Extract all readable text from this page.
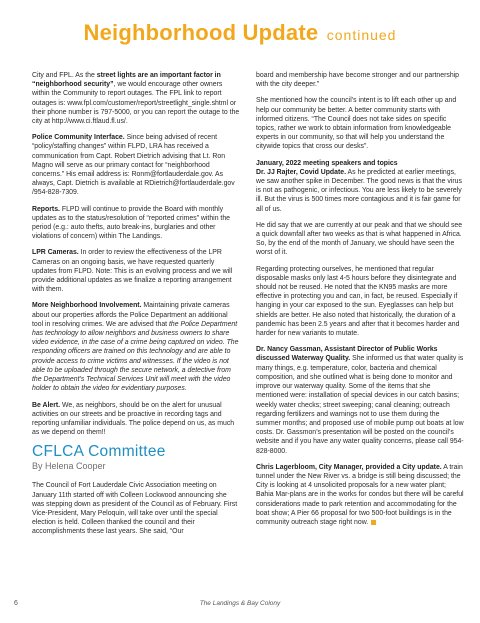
Neighborhood Update continued

City and FPL. As the street lights are an important factor in “neighborhood security”, we would encourage other owners within the Community to report outages. The FPL link to report outages is: www.fpl.com/customer/report/streetlight_single.shtml or their phone number is 797-5000, or you can report the outage to the city at http://www.ci.ftlaud.fl.us/.

Police Community Interface. Since being advised of recent “policy/staffing changes” within FLPD, LRA has received a communication from Capt. Robert Dietrich advising that Lt. Ron Magno will serve as our primary contact for “neighborhood concerns.” His email address is: Ronm@fortlauderdale.gov. As always, Capt. Dietrich is available at RDietrich@fortlauderdale.gov /954-828-7309.

Reports. FLPD will continue to provide the Board with monthly updates as to the status/resolution of “reported crimes” within the period (e.g.: auto thefts, auto break-ins, burglaries and other violations of concern) within The Landings.

LPR Cameras. In order to review the effectiveness of the LPR Cameras on an ongoing basis, we have requested quarterly updates from FLPD. Note: This is an evolving process and we will provide additional updates as we finalize a reporting arrangement with them.

More Neighborhood Involvement. Maintaining private cameras about our properties affords the Police Department an additional tool in resolving crimes. We are advised that the Police Department has technology to allow neighbors and business owners to share video evidence, in the case of a crime being captured on video. The responding officers are trained on this technology and are able to provide access to crime victims and witnesses. If the video is not able to be uploaded through the secure network, a detective from the Department’s Technical Services Unit will meet with the video holder to obtain the video for evidentiary purposes.

Be Alert. We, as neighbors, should be on the alert for unusual activities on our streets and be proactive in recording tags and reporting unfamiliar individuals. The police depend on us, as much as we depend on them!!

CFLCA Committee
By Helena Cooper

The Council of Fort Lauderdale Civic Association meeting on January 11th started off with Colleen Lockwood announcing she was stepping down as president of the Council as of February. First Vice-President, Mary Peloquin, will take over until the special election is held. Colleen thanked the council and their accomplishments these last years. She said, “Our

board and membership have become stronger and our partnership with the city deeper.”

She mentioned how the council’s intent is to lift each other up and help our community be better. A better community starts with informed citizens. “The Council does not take sides on specific topics, rather we work to obtain information from knowledgeable experts in our community, so that will help you understand the citywide topics that cross our desks”.

January, 2022 meeting speakers and topics
Dr. JJ Rajter, Covid Update. As he predicted at earlier meetings, we saw another spike in December. The good news is that the virus is not as pathogenic, or infectious. You are less likely to be severely ill. But the virus is 500 times more contagious and it is fair game for all of us.

He did say that we are currently at our peak and that we should see a quick downfall after two weeks as that is what happened in Africa. So, by the end of the month of January, we should have seen the worst of it.

Regarding protecting ourselves, he mentioned that regular disposable masks only last 4-5 hours before they disintegrate and should not be reused. He noted that the KN95 masks are more effective in protecting you and can, in fact, be reused. Especially if hanging in your car exposed to the sun. Eyeglasses can help but shields are better. He also noted that historically, the duration of a pandemic has been 2.5 years and after that it becomes harder and harder for new variants to mutate.

Dr. Nancy Gassman, Assistant Director of Public Works discussed Waterway Quality. She informed us that water quality is many things, e.g. temperature, color, bacteria and chemical composition, and she outlined what is being done to monitor and improve our waterway quality. Some of the items that she mentioned were: installation of special devices in our catch basins; weekly water checks; street sweeping; canal cleaning; outreach regarding fertilizers and warnings not to use them during the summer months; and proposed use of mobile pump out boats at low costs. Dr. Gassmon’s presentation will be posted on the council’s website and if you have any water quality concerns, please call 954-828-8000.

Chris Lagerbloom, City Manager, provided a City update. A train tunnel under the New River vs. a bridge is still being discussed; the City is looking at 4 unsolicited proposals for a new water plant; Bahia Mar-plans are in the works for condos but there will be careful considerations made to park retention and accommodating for the boat show; A Pier 66 proposal for two 500-foot buildings is in the community outreach stage right now.

6	The Landings & Bay Colony
